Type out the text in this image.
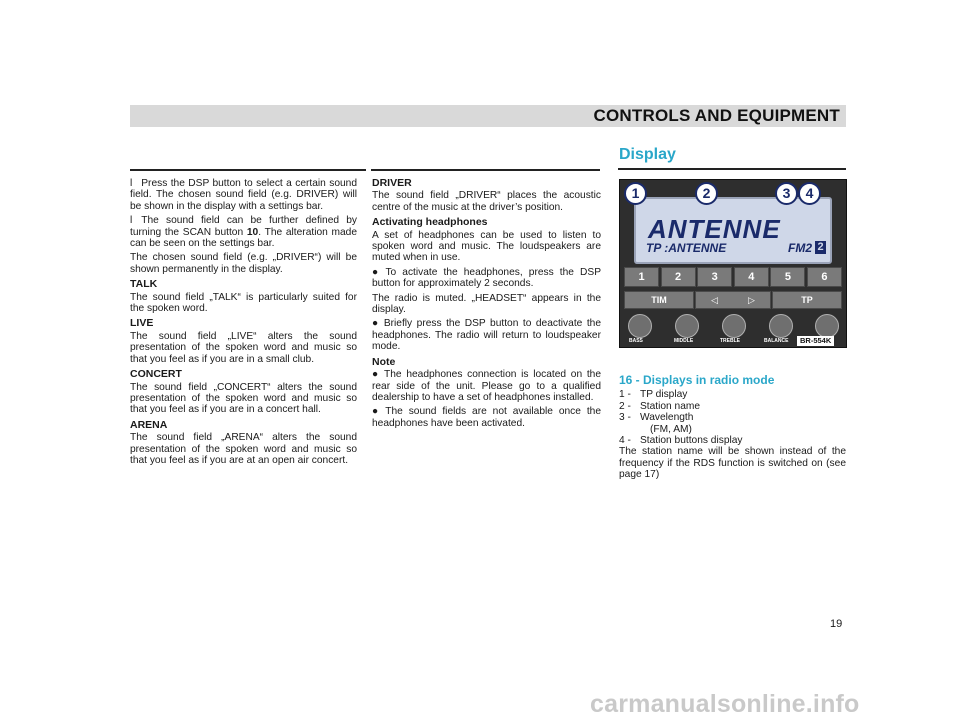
CONTROLS AND EQUIPMENT
Display

l Press the DSP button to select a certain sound field. The chosen sound field (e.g. DRIVER) will be shown in the display with a settings bar.

l The sound field can be further defined by turning the SCAN button 10. The alteration made can be seen on the settings bar.

The chosen sound field (e.g. „DRIVER“) will be shown permanently in the display.

TALK

The sound field „TALK“ is particularly suited for the spoken word.

LIVE

The sound field „LIVE“ alters the sound presentation of the spoken word and music so that you feel as if you are in a small club.

CONCERT

The sound field „CONCERT“ alters the sound presentation of the spoken word and music so that you feel as if you are in a concert hall.

ARENA

The sound field „ARENA“ alters the sound presentation of the spoken word and music so that you feel as if you are at an open air concert.

DRIVER

The sound field „DRIVER“ places the acoustic centre of the music at the driver’s position.

Activating headphones

A set of headphones can be used to listen to spoken word and music. The loudspeakers are muted when in use.

● To activate the headphones, press the DSP button for approximately 2 seconds.

The radio is muted. „HEADSET“ appears in the display.

● Briefly press the DSP button to deactivate the headphones. The radio will return to loudspeaker mode.

Note

● The headphones connection is located on the rear side of the unit. Please go to a qualified dealership to have a set of headphones installed.

● The sound fields are not available once the headphones have been activated.

ANTENNE
TP :ANTENNE	FM2 2
1	2	3	4
1	2	3	4	5	6
TIM	◁	▷	TP
BASS	MIDDLE	TREBLE	BALANCE	BR-554K

16 - Displays in radio mode

1 - TP display
2 - Station name
3 - Wavelength
(FM, AM)
4 - Station buttons display

The station name will be shown instead of the frequency if the RDS function is switched on (see page 17)

19
carmanualsonline.info
